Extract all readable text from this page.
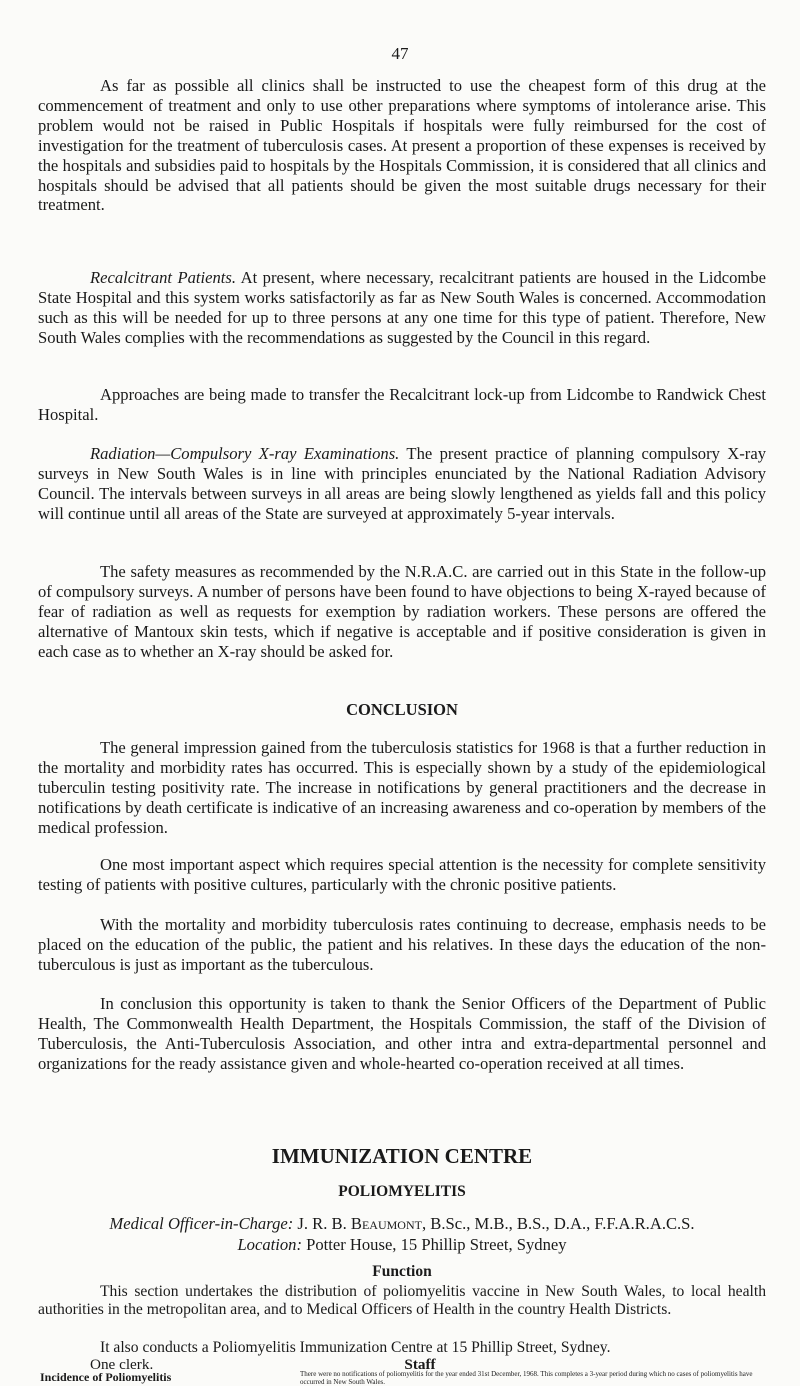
47

As far as possible all clinics shall be instructed to use the cheapest form of this drug at the commencement of treatment and only to use other preparations where symptoms of intolerance arise. This problem would not be raised in Public Hospitals if hospitals were fully reimbursed for the cost of investigation for the treatment of tuberculosis cases. At present a proportion of these expenses is received by the hospitals and subsidies paid to hospitals by the Hospitals Commission, it is considered that all clinics and hospitals should be advised that all patients should be given the most suitable drugs necessary for their treatment.

Recalcitrant Patients. At present, where necessary, recalcitrant patients are housed in the Lidcombe State Hospital and this system works satisfactorily as far as New South Wales is concerned. Accommodation such as this will be needed for up to three persons at any one time for this type of patient. Therefore, New South Wales complies with the recommendations as suggested by the Council in this regard.

Approaches are being made to transfer the Recalcitrant lock-up from Lidcombe to Randwick Chest Hospital.

Radiation—Compulsory X-ray Examinations. The present practice of planning compulsory X-ray surveys in New South Wales is in line with principles enunciated by the National Radiation Advisory Council. The intervals between surveys in all areas are being slowly lengthened as yields fall and this policy will continue until all areas of the State are surveyed at approximately 5-year intervals.

The safety measures as recommended by the N.R.A.C. are carried out in this State in the follow-up of compulsory surveys. A number of persons have been found to have objections to being X-rayed because of fear of radiation as well as requests for exemption by radiation workers. These persons are offered the alternative of Mantoux skin tests, which if negative is acceptable and if positive consideration is given in each case as to whether an X-ray should be asked for.

CONCLUSION

The general impression gained from the tuberculosis statistics for 1968 is that a further reduction in the mortality and morbidity rates has occurred. This is especially shown by a study of the epidemiological tuberculin testing positivity rate. The increase in notifications by general practitioners and the decrease in notifications by death certificate is indicative of an increasing awareness and co-operation by members of the medical profession.

One most important aspect which requires special attention is the necessity for complete sensitivity testing of patients with positive cultures, particularly with the chronic positive patients.

With the mortality and morbidity tuberculosis rates continuing to decrease, emphasis needs to be placed on the education of the public, the patient and his relatives. In these days the education of the non-tuberculous is just as important as the tuberculous.

In conclusion this opportunity is taken to thank the Senior Officers of the Department of Public Health, The Commonwealth Health Department, the Hospitals Commission, the staff of the Division of Tuberculosis, the Anti-Tuberculosis Association, and other intra and extra-departmental personnel and organizations for the ready assistance given and whole-hearted co-operation received at all times.

IMMUNIZATION CENTRE
POLIOMYELITIS
Medical Officer-in-Charge: J. R. B. Beaumont, B.Sc., M.B., B.S., D.A., F.F.A.R.A.C.S.
Location: Potter House, 15 Phillip Street, Sydney
Function

This section undertakes the distribution of poliomyelitis vaccine in New South Wales, to local health authorities in the metropolitan area, and to Medical Officers of Health in the country Health Districts.

It also conducts a Poliomyelitis Immunization Centre at 15 Phillip Street, Sydney.

Staff
One clerk.
Incidence of Poliomyelitis	There were no notifications of poliomyelitis for the year ended 31st December, 1968. This completes a 3-year period during which no cases of poliomyelitis have occurred in New South Wales.
